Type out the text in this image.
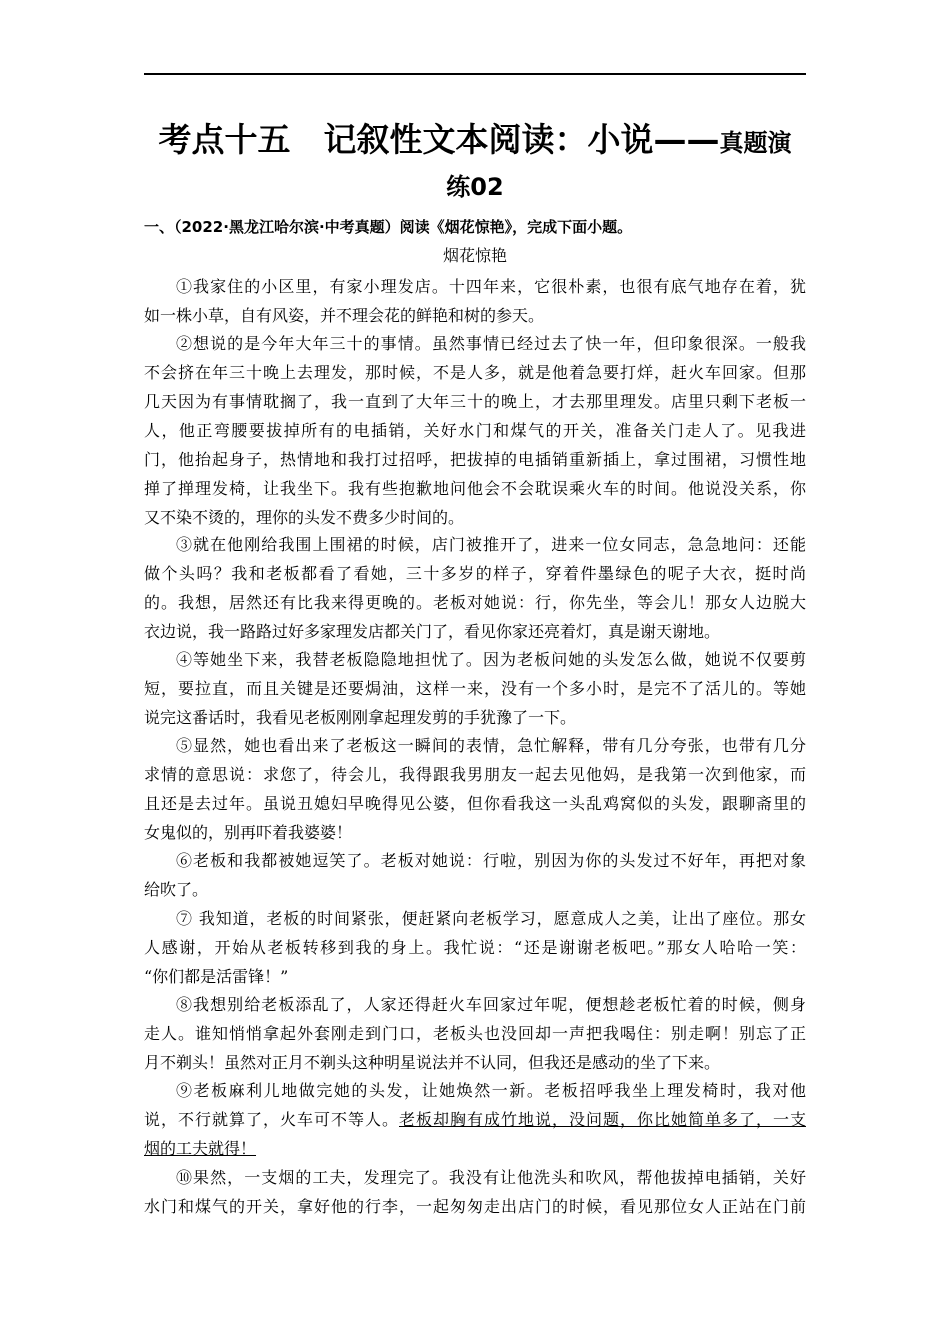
考点十五　记叙性文本阅读：小说——真题演
练02
一、（2022·黑龙江哈尔滨·中考真题）阅读《烟花惊艳》，完成下面小题。
烟花惊艳
①我家住的小区里，有家小理发店。十四年来，它很朴素，也很有底气地存在着，犹
如一株小草，自有风姿，并不理会花的鲜艳和树的参天。
②想说的是今年大年三十的事情。虽然事情已经过去了快一年，但印象很深。一般我
不会挤在年三十晚上去理发，那时候，不是人多，就是他着急要打烊，赶火车回家。但那
几天因为有事情耽搁了，我一直到了大年三十的晚上，才去那里理发。店里只剩下老板一
人，他正弯腰要拔掉所有的电插销，关好水门和煤气的开关，准备关门走人了。见我进
门，他抬起身子，热情地和我打过招呼，把拔掉的电插销重新插上，拿过围裙，习惯性地
掸了掸理发椅，让我坐下。我有些抱歉地问他会不会耽误乘火车的时间。他说没关系，你
又不染不烫的，理你的头发不费多少时间的。
③就在他刚给我围上围裙的时候，店门被推开了，进来一位女同志，急急地问：还能
做个头吗？我和老板都看了看她，三十多岁的样子，穿着件墨绿色的呢子大衣，挺时尚
的。我想，居然还有比我来得更晚的。老板对她说：行，你先坐，等会儿！那女人边脱大
衣边说，我一路路过好多家理发店都关门了，看见你家还亮着灯，真是谢天谢地。
④等她坐下来，我替老板隐隐地担忧了。因为老板问她的头发怎么做，她说不仅要剪
短，要拉直，而且关键是还要焗油，这样一来，没有一个多小时，是完不了活儿的。等她
说完这番话时，我看见老板刚刚拿起理发剪的手犹豫了一下。
⑤显然，她也看出来了老板这一瞬间的表情，急忙解释，带有几分夸张，也带有几分
求情的意思说：求您了，待会儿，我得跟我男朋友一起去见他妈，是我第一次到他家，而
且还是去过年。虽说丑媳妇早晚得见公婆，但你看我这一头乱鸡窝似的头发，跟聊斋里的
女鬼似的，别再吓着我婆婆！
⑥老板和我都被她逗笑了。老板对她说：行啦，别因为你的头发过不好年，再把对象
给吹了。
⑦ 我知道，老板的时间紧张，便赶紧向老板学习，愿意成人之美，让出了座位。那女
人感谢，开始从老板转移到我的身上。我忙说：“还是谢谢老板吧。”那女人哈哈一笑：
“你们都是活雷锋！”
⑧我想别给老板添乱了，人家还得赶火车回家过年呢，便想趁老板忙着的时候，侧身
走人。谁知悄悄拿起外套刚走到门口，老板头也没回却一声把我喝住：别走啊！别忘了正
月不剃头！虽然对正月不剃头这种明星说法并不认同，但我还是感动的坐了下来。
⑨老板麻利儿地做完她的头发，让她焕然一新。老板招呼我坐上理发椅时，我对他
说，不行就算了，火车可不等人。老板却胸有成竹地说，没问题，你比她简单多了，一支
烟的工夫就得！
⑩果然，一支烟的工夫，发理完了。我没有让他洗头和吹风，帮他拔掉电插销，关好
水门和煤气的开关，拿好他的行李，一起匆匆走出店门的时候，看见那位女人正站在门前
